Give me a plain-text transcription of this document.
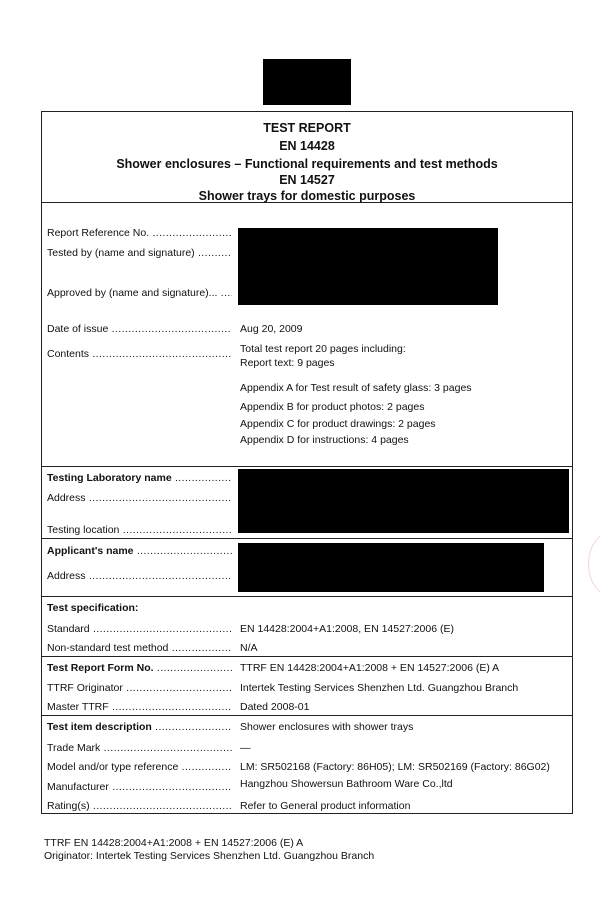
TEST REPORT
EN 14428
Shower enclosures – Functional requirements and test methods
EN 14527
Shower trays for domestic purposes
Report Reference No. .....
Tested by (name and signature) .....
Approved by (name and signature)... .....
Date of issue .....	Aug 20, 2009
Contents .....	Total test report 20 pages including:
Report text: 9 pages
Appendix A for Test result of safety glass: 3 pages
Appendix B for product photos: 2 pages
Appendix C for product drawings: 2 pages
Appendix D for instructions: 4 pages
Testing Laboratory name .....
Address .....
Testing location .....
Applicant's name .....
Address .....
Test specification:
Standard .....	EN 14428:2004+A1:2008, EN 14527:2006 (E)
Non-standard test method .....	N/A
Test Report Form No. .....	TTRF EN 14428:2004+A1:2008 + EN 14527:2006 (E) A
TTRF Originator .....	Intertek Testing Services Shenzhen Ltd. Guangzhou Branch
Master TTRF .....	Dated 2008-01
Test item description .....	Shower enclosures with shower trays
Trade Mark .....	—
Model and/or type reference .....	LM: SR502168 (Factory: 86H05); LM: SR502169 (Factory: 86G02)
Manufacturer .....	Hangzhou Showersun Bathroom Ware Co.,ltd
Rating(s) .....	Refer to General product information
TTRF EN 14428:2004+A1:2008 + EN 14527:2006 (E) A
Originator: Intertek Testing Services Shenzhen Ltd. Guangzhou Branch
